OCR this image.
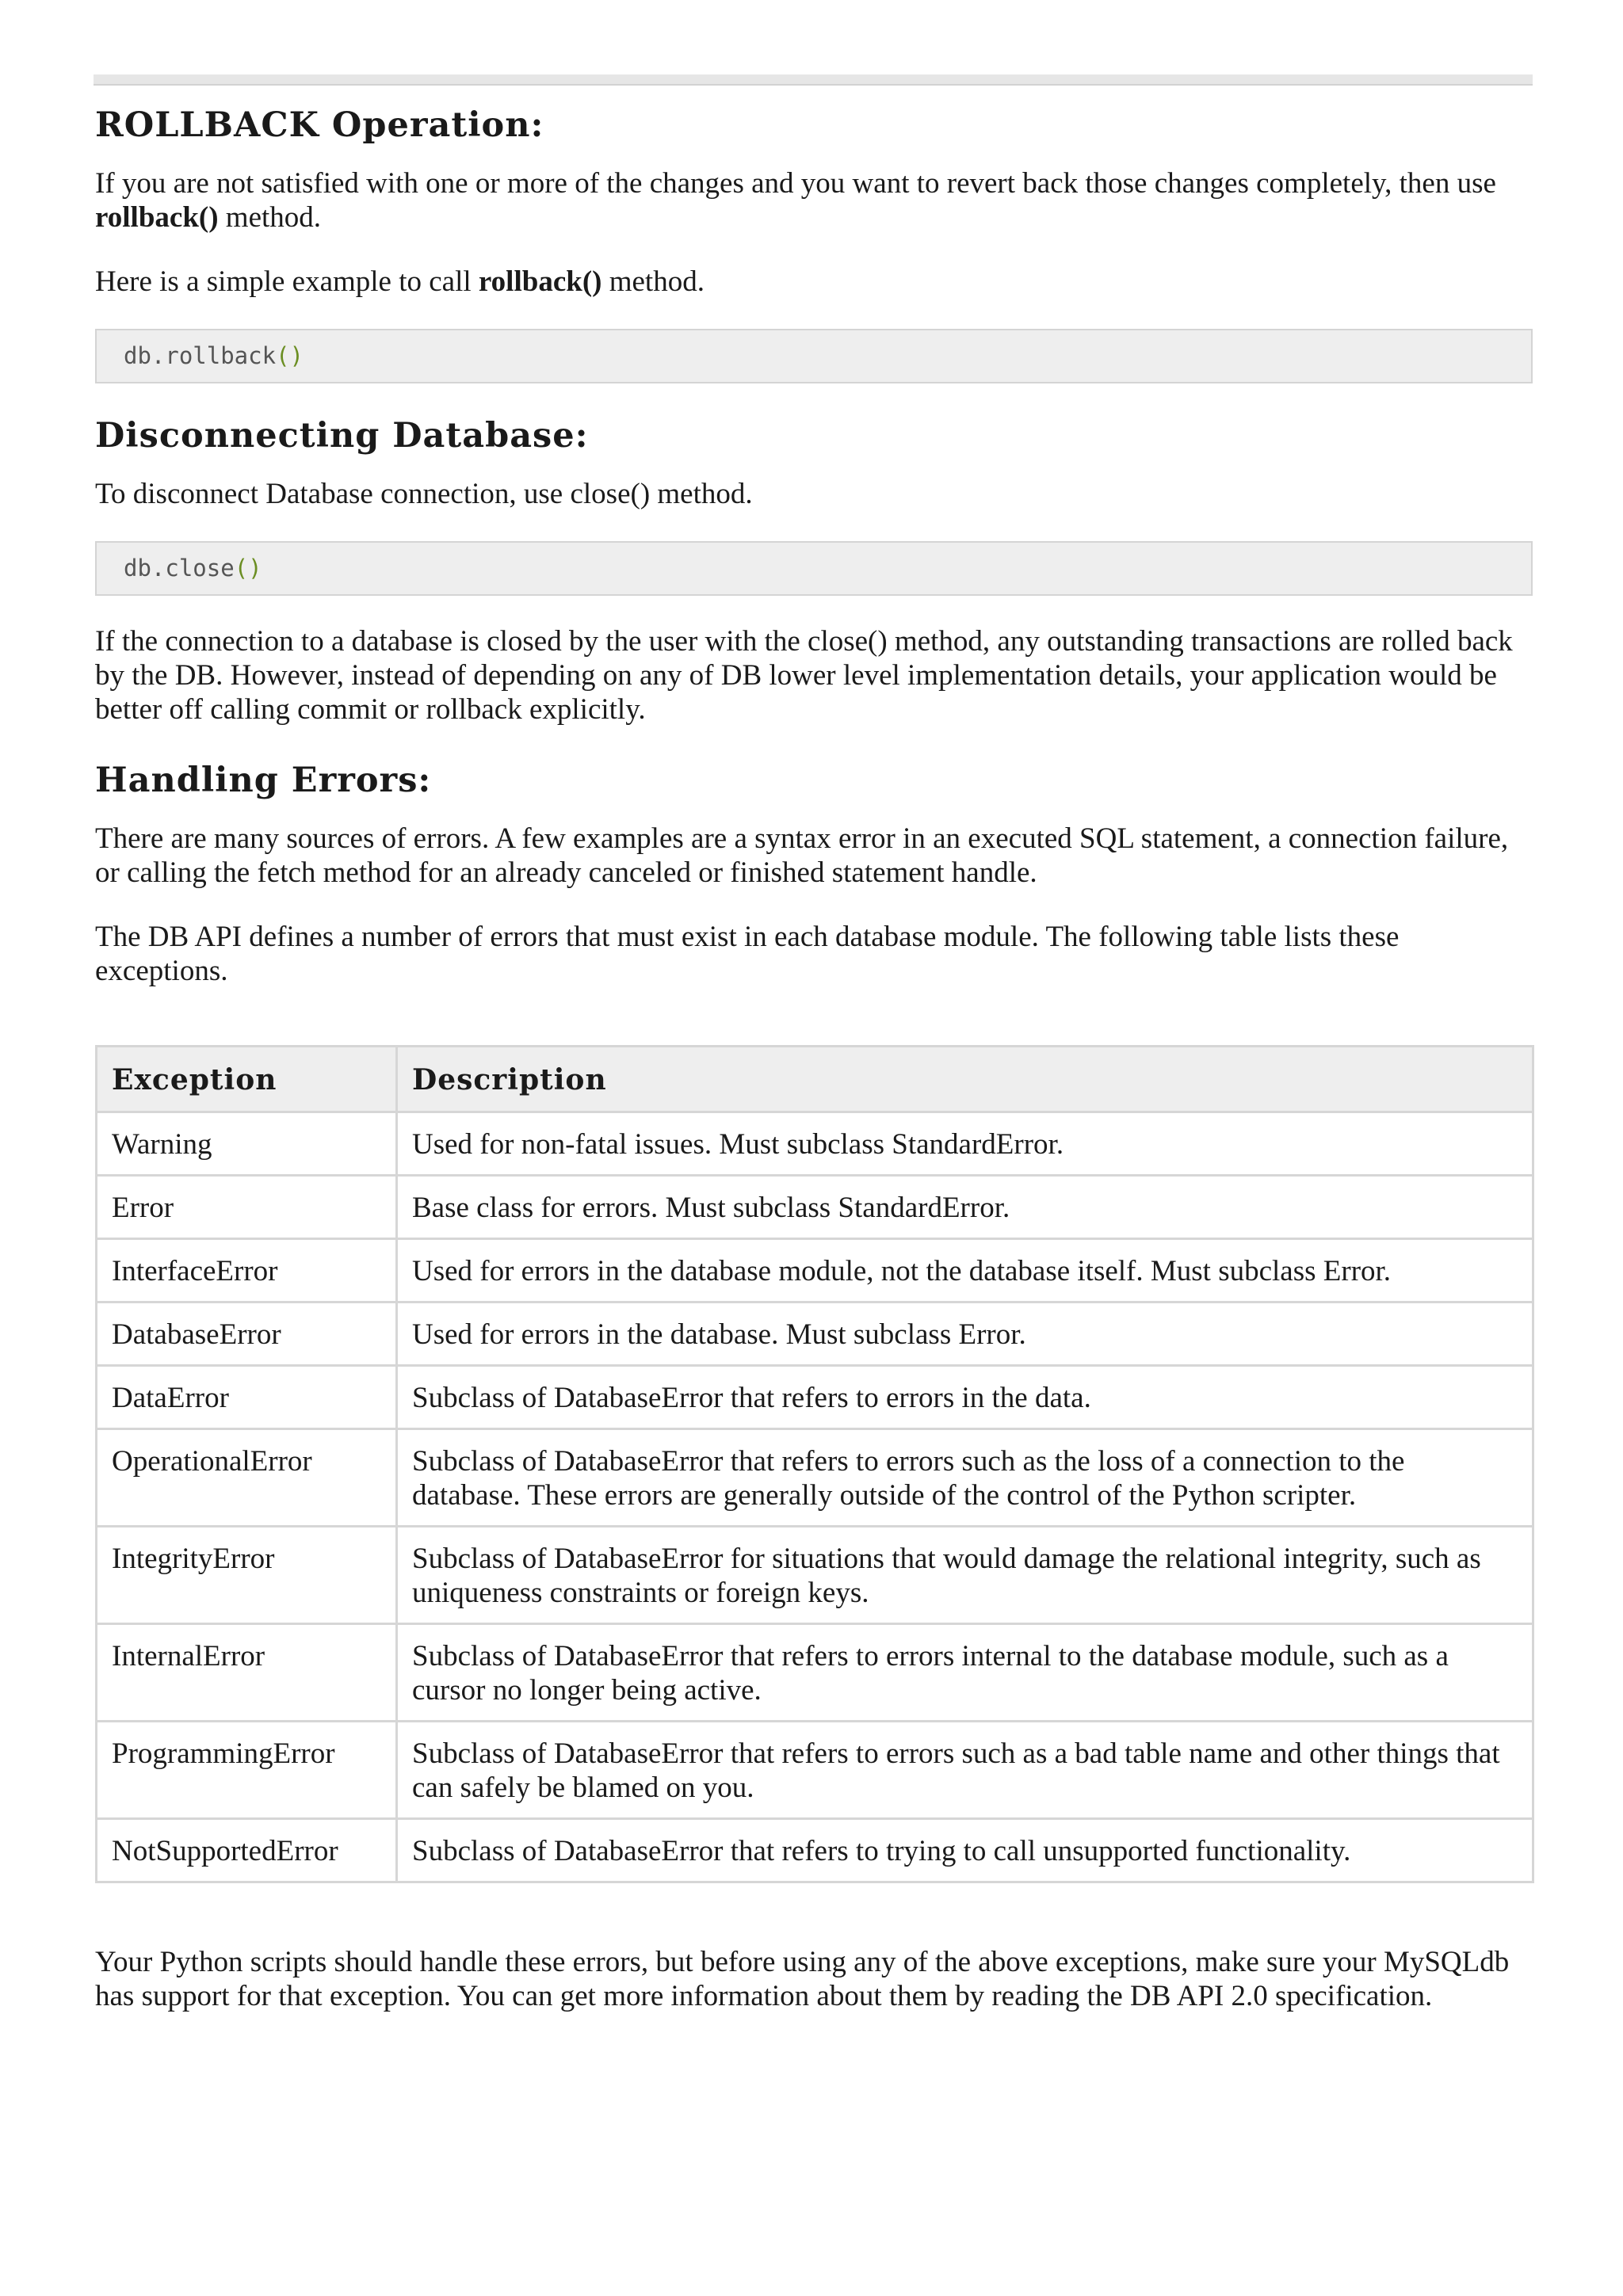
ROLLBACK Operation:

If you are not satisfied with one or more of the changes and you want to revert back those changes completely, then use rollback() method.

Here is a simple example to call rollback() method.

db.rollback()
Disconnecting Database:

To disconnect Database connection, use close() method.

db.close()

If the connection to a database is closed by the user with the close() method, any outstanding transactions are rolled back by the DB. However, instead of depending on any of DB lower level implementation details, your application would be better off calling commit or rollback explicitly.

Handling Errors:

There are many sources of errors. A few examples are a syntax error in an executed SQL statement, a connection failure, or calling the fetch method for an already canceled or finished statement handle.

The DB API defines a number of errors that must exist in each database module. The following table lists these exceptions.

Exception	Description
Warning	Used for non-fatal issues. Must subclass StandardError.
Error	Base class for errors. Must subclass StandardError.
InterfaceError	Used for errors in the database module, not the database itself. Must subclass Error.
DatabaseError	Used for errors in the database. Must subclass Error.
DataError	Subclass of DatabaseError that refers to errors in the data.
OperationalError	Subclass of DatabaseError that refers to errors such as the loss of a connection to the database. These errors are generally outside of the control of the Python scripter.
IntegrityError	Subclass of DatabaseError for situations that would damage the relational integrity, such as uniqueness constraints or foreign keys.
InternalError	Subclass of DatabaseError that refers to errors internal to the database module, such as a cursor no longer being active.
ProgrammingError	Subclass of DatabaseError that refers to errors such as a bad table name and other things that can safely be blamed on you.
NotSupportedError	Subclass of DatabaseError that refers to trying to call unsupported functionality.

Your Python scripts should handle these errors, but before using any of the above exceptions, make sure your MySQLdb has support for that exception. You can get more information about them by reading the DB API 2.0 specification.
